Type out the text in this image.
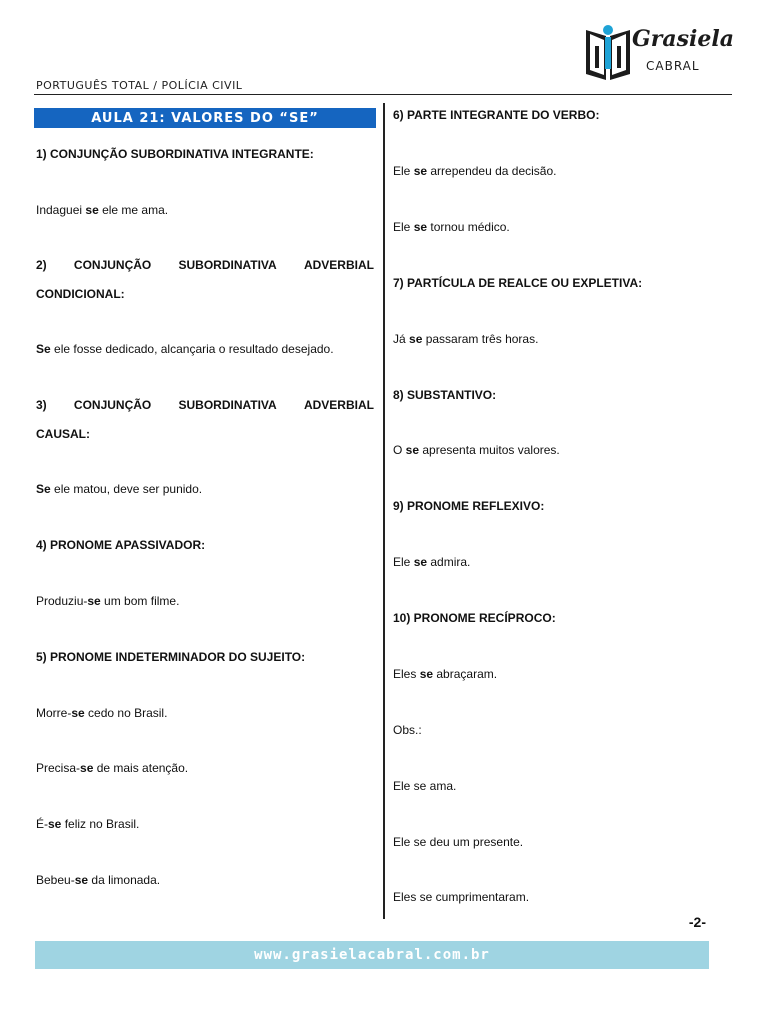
PORTUGUÊS TOTAL / POLÍCIA CIVIL
Grasiela
CABRAL
AULA 21: VALORES DO “SE”
1) CONJUNÇÃO SUBORDINATIVA INTEGRANTE:
Indaguei se ele me ama.
2) CONJUNÇÃO SUBORDINATIVA ADVERBIAL
CONDICIONAL:
Se ele fosse dedicado, alcançaria o resultado desejado.
3) CONJUNÇÃO SUBORDINATIVA ADVERBIAL
CAUSAL:
Se ele matou, deve ser punido.
4) PRONOME APASSIVADOR:
Produziu-se um bom filme.
5) PRONOME INDETERMINADOR DO SUJEITO:
Morre-se cedo no Brasil.
Precisa-se de mais atenção.
É-se feliz no Brasil.
Bebeu-se da limonada.
6) PARTE INTEGRANTE DO VERBO:
Ele se arrependeu da decisão.
Ele se tornou médico.
7) PARTÍCULA DE REALCE OU EXPLETIVA:
Já se passaram três horas.
8) SUBSTANTIVO:
O se apresenta muitos valores.
9) PRONOME REFLEXIVO:
Ele se admira.
10) PRONOME RECÍPROCO:
Eles se abraçaram.
Obs.:
Ele se ama.
Ele se deu um presente.
Eles se cumprimentaram.
-2-
www.grasielacabral.com.br
